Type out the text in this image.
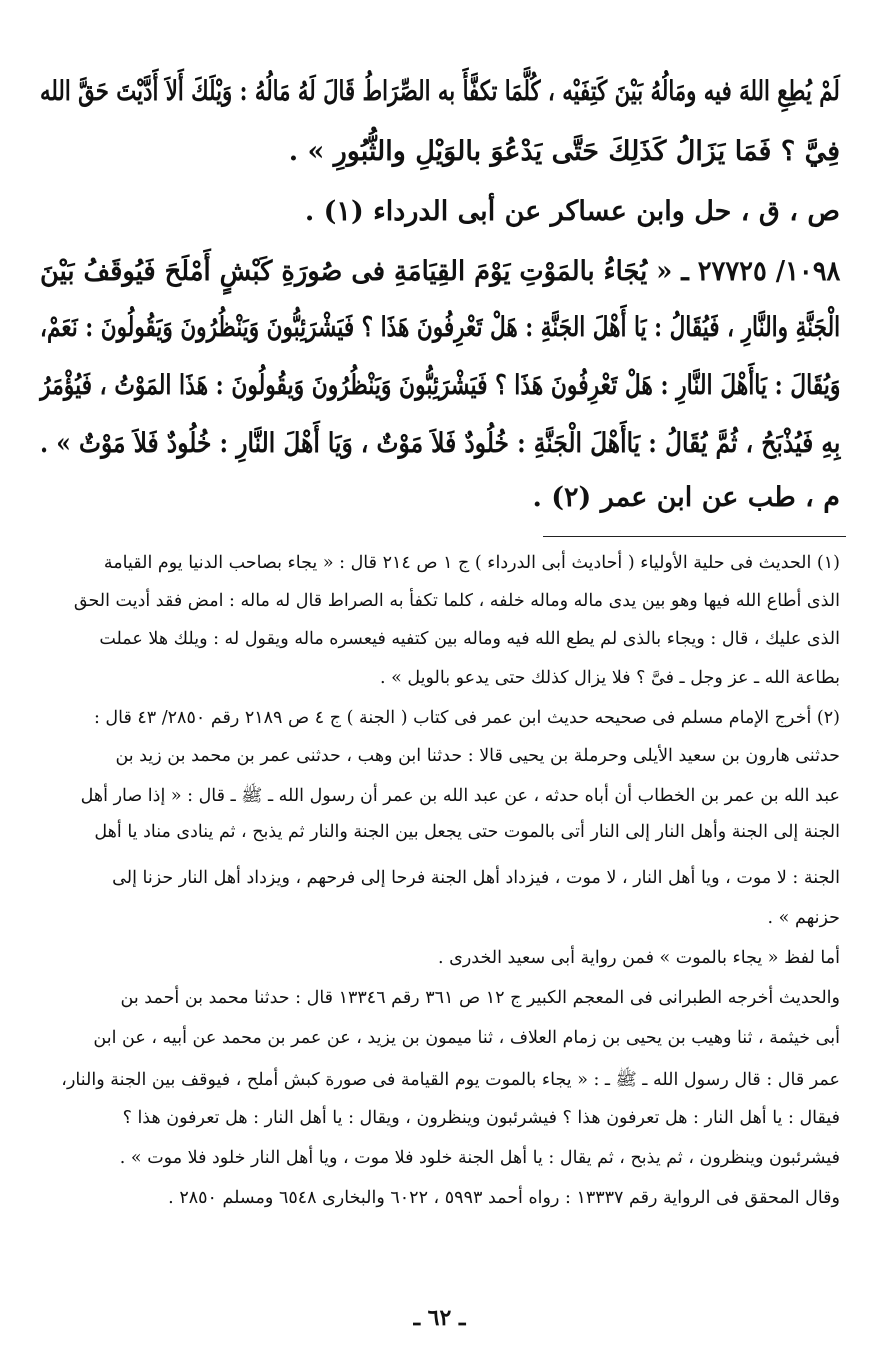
لَمْ يُطِعِ اللهَ فيه ومَالُهُ بَيْنَ كَتِفَيْه ، كُلَّمَا تكفَّأَ به الصِّرَاطُ قَالَ لَهُ مَالُهُ : وَيْلَكَ أَلاَ أَدَّيْتَ حَقَّ الله
فِيَّ ؟ فَمَا يَزَالُ كَذَلِكَ حَتَّى يَدْعُوَ بالوَيْلِ والثُّبُورِ » .
ص ، ق ، حل وابن عساكر عن أبى الدرداء (١) .
١٠٩٨/ ٢٧٧٢٥ ـ « يُجَاءُ بالمَوْتِ يَوْمَ القِيَامَةِ فى صُورَةِ كَبْشٍ أَمْلَحَ فَيُوقَفُ بَيْنَ
الْجَنَّةِ والنَّارِ ، فَيُقَالُ : يَا أَهْلَ الجَنَّةِ : هَلْ تَعْرِفُونَ هَذَا ؟ فَيَشْرَئِبُّونَ وَيَنْظُرُونَ وَيَقُولُونَ : نَعَمْ،
وَيُقَالَ : يَاأَهْلَ النَّارِ : هَلْ تَعْرِفُونَ هَذَا ؟ فَيَشْرَئِبُّونَ وَيَنْظُرُونَ وَيقُولُونَ : هَذَا المَوْتُ ، فَيُؤْمَرُ
بِهِ فَيُذْبَحُ ، ثُمَّ يُقَالُ : يَاأَهْلَ الْجَنَّةِ : خُلُودٌ فَلاَ مَوْتٌ ، وَيَا أَهْلَ النَّارِ : خُلُودٌ فَلاَ مَوْتٌ » .
م ، طب عن ابن عمر (٢) .
(١) الحديث فى حلية الأولياء ( أحاديث أبى الدرداء ) ج ١ ص ٢١٤ قال : « يجاء بصاحب الدنيا يوم القيامة
الذى أطاع الله فيها وهو بين يدى ماله وماله خلفه ، كلما تكفأ به الصراط قال له ماله : امض فقد أديت الحق
الذى عليك ، قال : ويجاء بالذى لم يطع الله فيه وماله بين كتفيه فيعسره ماله ويقول له : ويلك هلا عملت
بطاعة الله ـ عز وجل ـ فىَّ ؟ فلا يزال كذلك حتى يدعو بالويل » .
(٢) أخرج الإمام مسلم فى صحيحه حديث ابن عمر فى كتاب ( الجنة ) ج ٤ ص ٢١٨٩ رقم ٢٨٥٠/ ٤٣ قال :
حدثنى هارون بن سعيد الأيلى وحرملة بن يحيى قالا : حدثنا ابن وهب ، حدثنى عمر بن محمد بن زيد بن
عبد الله بن عمر بن الخطاب أن أباه حدثه ، عن عبد الله بن عمر أن رسول الله ـ ﷺ ـ قال : « إذا صار أهل
الجنة إلى الجنة وأهل النار إلى النار أتى بالموت حتى يجعل بين الجنة والنار ثم يذبح ، ثم ينادى مناد يا أهل
الجنة : لا موت ، ويا أهل النار ، لا موت ، فيزداد أهل الجنة فرحا إلى فرحهم ، ويزداد أهل النار حزنا إلى
حزنهم » .
أما لفظ « يجاء بالموت » فمن رواية أبى سعيد الخدرى .
والحديث أخرجه الطبرانى فى المعجم الكبير ج ١٢ ص ٣٦١ رقم ١٣٣٤٦ قال : حدثنا محمد بن أحمد بن
أبى خيثمة ، ثنا وهيب بن يحيى بن زمام العلاف ، ثنا ميمون بن يزيد ، عن عمر بن محمد عن أبيه ، عن ابن
عمر قال : قال رسول الله ـ ﷺ ـ : « يجاء بالموت يوم القيامة فى صورة كبش أملح ، فيوقف بين الجنة والنار،
فيقال : يا أهل النار : هل تعرفون هذا ؟ فيشرئبون وينظرون ، ويقال : يا أهل النار : هل تعرفون هذا ؟
فيشرئبون وينظرون ، ثم يذبح ، ثم يقال : يا أهل الجنة خلود فلا موت ، ويا أهل النار خلود فلا موت » .
وقال المحقق فى الرواية رقم ١٣٣٣٧ : رواه أحمد ٥٩٩٣ ، ٦٠٢٢ والبخارى ٦٥٤٨ ومسلم ٢٨٥٠ .
ـ ٦٢ ـ
